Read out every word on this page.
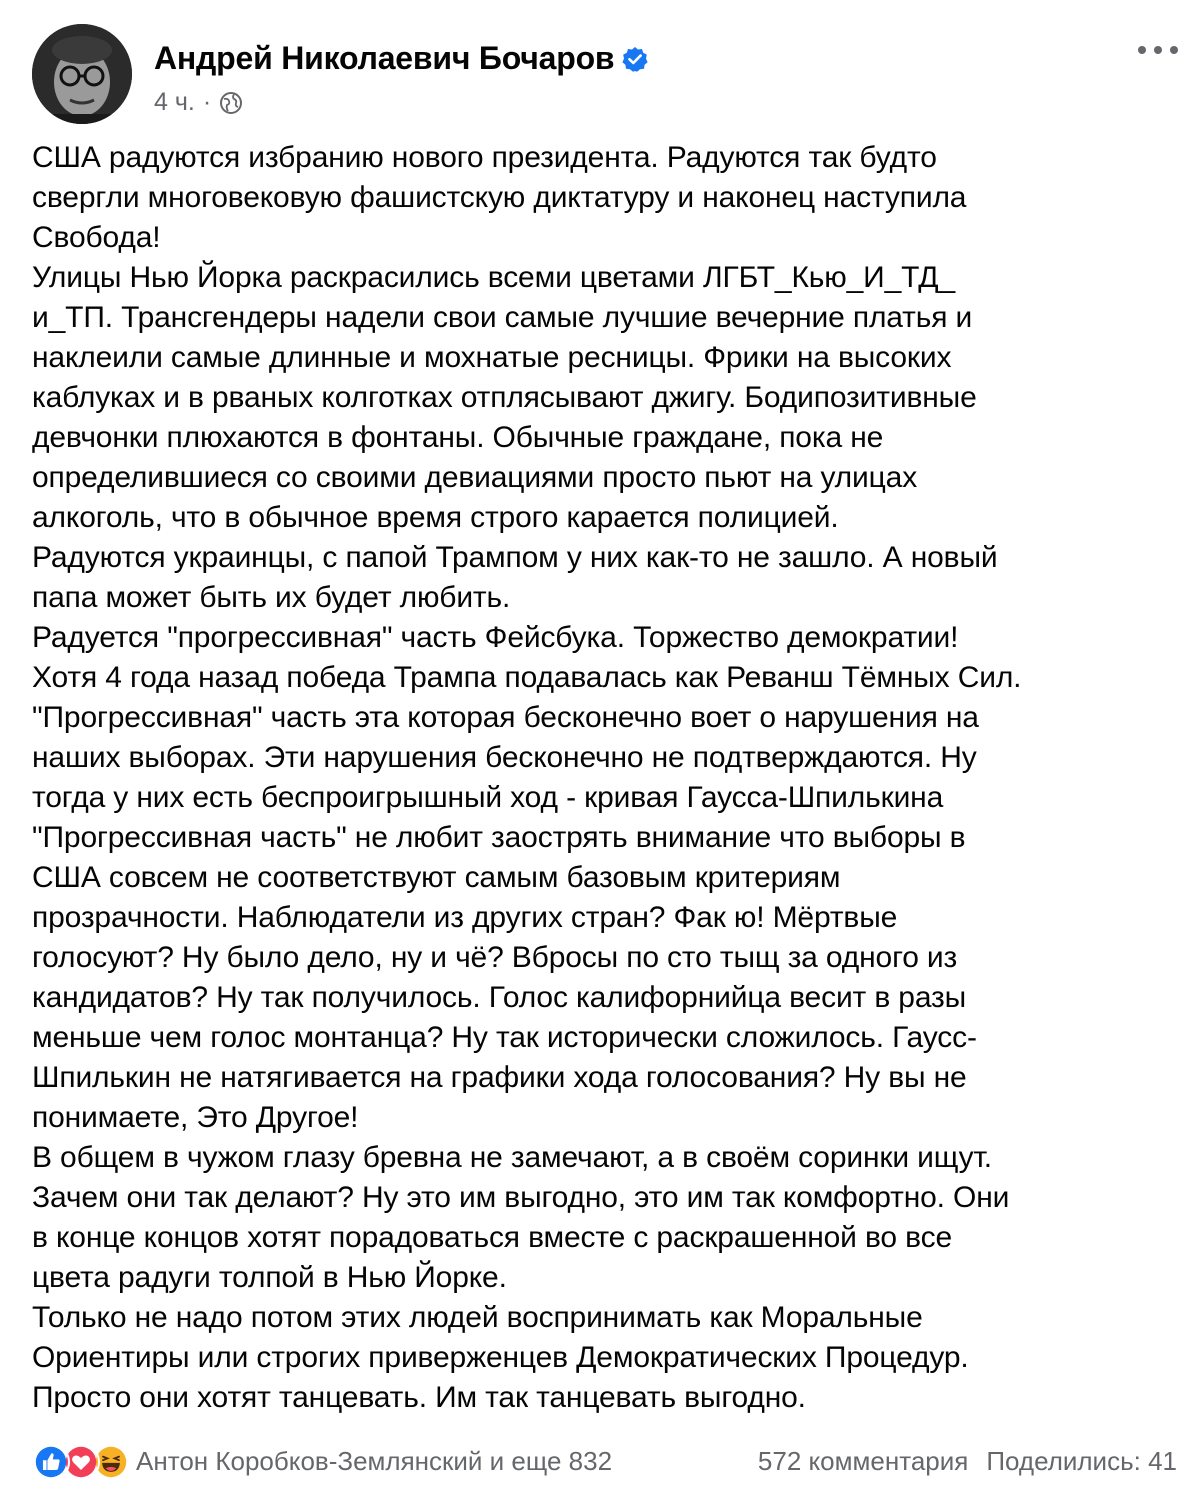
Андрей Николаевич Бочаров
4 ч. ·
США радуются избранию нового президента. Радуются так будто
свергли многовековую фашистскую диктатуру и наконец наступила
Свобода!
Улицы Нью Йорка раскрасились всеми цветами ЛГБТ_Кью_И_ТД_
и_ТП. Трансгендеры надели свои самые лучшие вечерние платья и
наклеили самые длинные и мохнатые ресницы. Фрики на высоких
каблуках и в рваных колготках отплясывают джигу. Бодипозитивные
девчонки плюхаются в фонтаны. Обычные граждане, пока не
определившиеся со своими девиациями просто пьют на улицах
алкоголь, что в обычное время строго карается полицией.
Радуются украинцы, с папой Трампом у них как-то не зашло. А новый
папа может быть их будет любить.
Радуется "прогрессивная" часть Фейсбука. Торжество демократии!
Хотя 4 года назад победа Трампа подавалась как Реванш Тёмных Сил.
"Прогрессивная" часть эта которая бесконечно воет о нарушения на
наших выборах. Эти нарушения бесконечно не подтверждаются. Ну
тогда у них есть беспроигрышный ход - кривая Гаусса-Шпилькина
"Прогрессивная часть" не любит заострять внимание что выборы в
США совсем не соответствуют самым базовым критериям
прозрачности. Наблюдатели из других стран? Фак ю! Мёртвые
голосуют? Ну было дело, ну и чё? Вбросы по сто тыщ за одного из
кандидатов? Ну так получилось. Голос калифорнийца весит в разы
меньше чем голос монтанца? Ну так исторически сложилось. Гаусс-
Шпилькин не натягивается на графики хода голосования? Ну вы не
понимаете, Это Другое!
В общем в чужом глазу бревна не замечают, а в своём соринки ищут.
Зачем они так делают? Ну это им выгодно, это им так комфортно. Они
в конце концов хотят порадоваться вместе с раскрашенной во все
цвета радуги толпой в Нью Йорке.
Только не надо потом этих людей воспринимать как Моральные
Ориентиры или строгих приверженцев Демократических Процедур.
Просто они хотят танцевать. Им так танцевать выгодно.
Антон Коробков-Землянский и еще 832	572 комментария Поделились: 41
